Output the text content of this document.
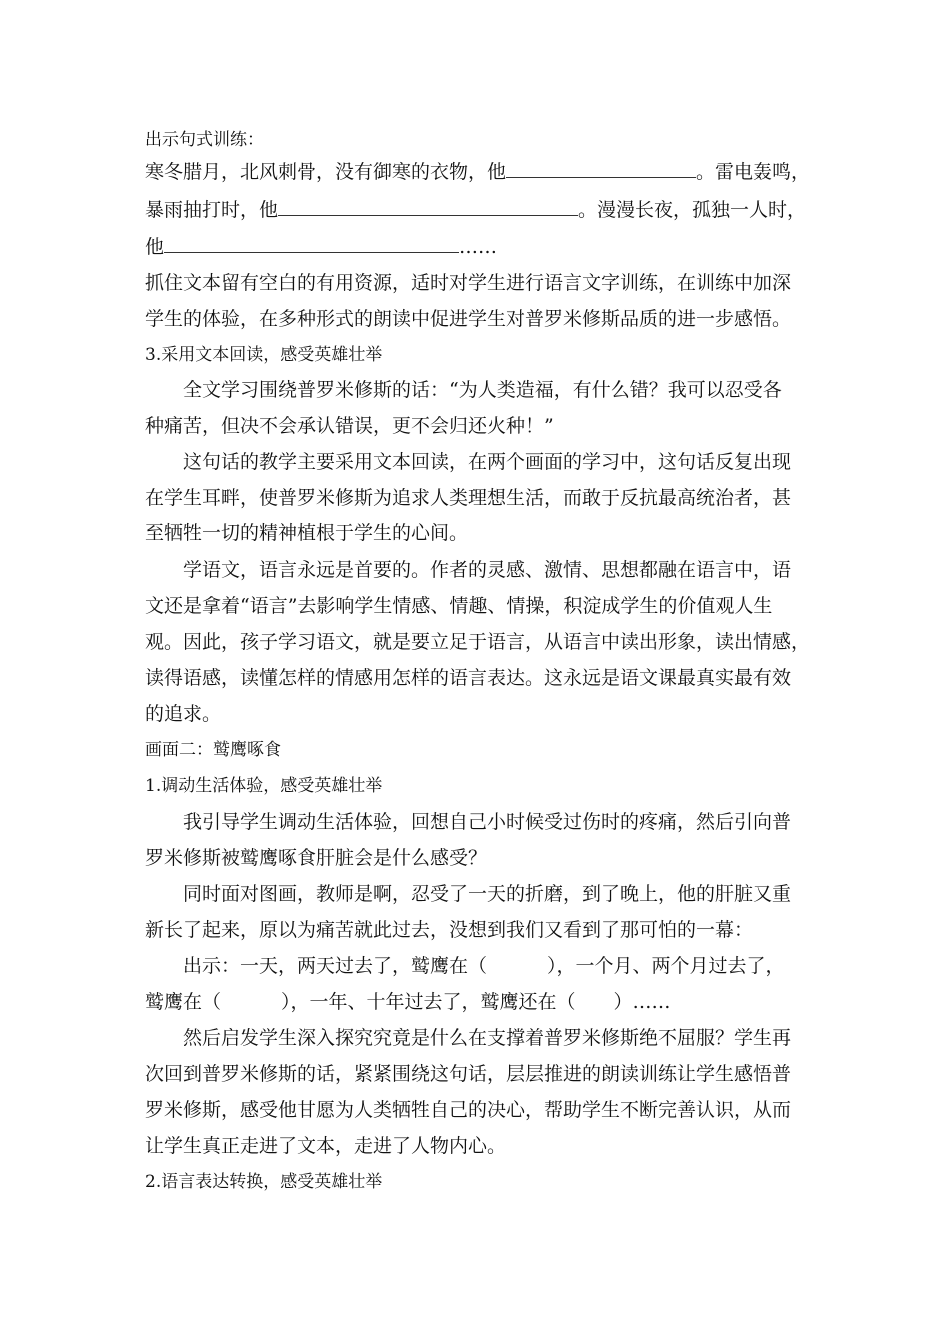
出示句式训练：
寒冬腊月，北风刺骨，没有御寒的衣物，他	。雷电轰鸣，
暴雨抽打时，他	。漫漫长夜，孤独一人时，
他	……
抓住文本留有空白的有用资源，适时对学生进行语言文字训练，在训练中加深
学生的体验，在多种形式的朗读中促进学生对普罗米修斯品质的进一步感悟。
3.采用文本回读，感受英雄壮举
全文学习围绕普罗米修斯的话：“为人类造福，有什么错？我可以忍受各
种痛苦，但决不会承认错误，更不会归还火种！”
这句话的教学主要采用文本回读，在两个画面的学习中，这句话反复出现
在学生耳畔，使普罗米修斯为追求人类理想生活，而敢于反抗最高统治者，甚
至牺牲一切的精神植根于学生的心间。
学语文，语言永远是首要的。作者的灵感、激情、思想都融在语言中，语
文还是拿着“语言”去影响学生情感、情趣、情操，积淀成学生的价值观人生
观。因此，孩子学习语文，就是要立足于语言，从语言中读出形象，读出情感，
读得语感，读懂怎样的情感用怎样的语言表达。这永远是语文课最真实最有效
的追求。
画面二：鹫鹰啄食
1.调动生活体验，感受英雄壮举
我引导学生调动生活体验，回想自己小时候受过伤时的疼痛，然后引向普
罗米修斯被鹫鹰啄食肝脏会是什么感受？
同时面对图画，教师是啊，忍受了一天的折磨，到了晚上，他的肝脏又重
新长了起来，原以为痛苦就此过去，没想到我们又看到了那可怕的一幕：
出示：一天，两天过去了，鹫鹰在（	），一个月、两个月过去了，
鹫鹰在（	），一年、十年过去了，鹫鹰还在（ ）……
然后启发学生深入探究究竟是什么在支撑着普罗米修斯绝不屈服？学生再
次回到普罗米修斯的话，紧紧围绕这句话，层层推进的朗读训练让学生感悟普
罗米修斯，感受他甘愿为人类牺牲自己的决心，帮助学生不断完善认识，从而
让学生真正走进了文本，走进了人物内心。
2.语言表达转换，感受英雄壮举
